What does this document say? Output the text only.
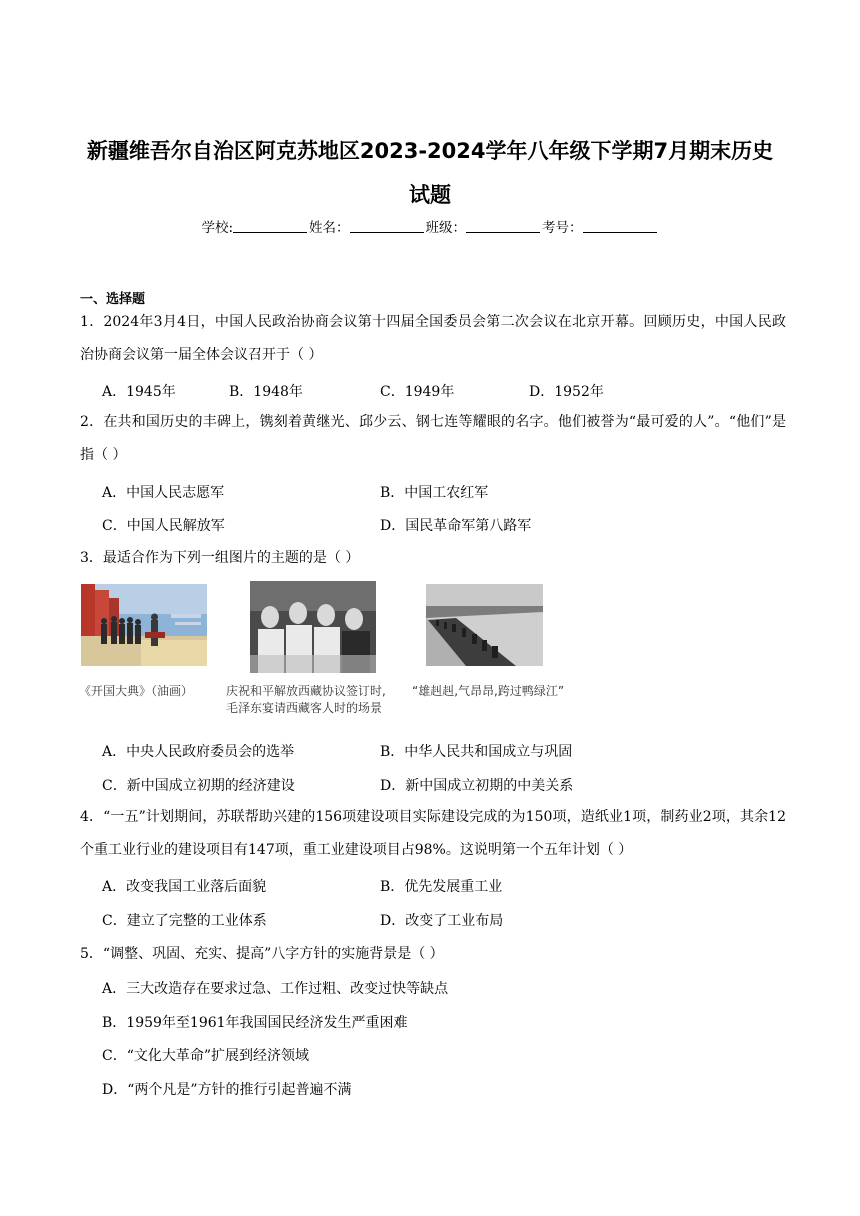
新疆维吾尔自治区阿克苏地区2023-2024学年八年级下学期7月期末历史
试题
学校:	姓名：	班级：	考号：
一、选择题
1．2024年3月4日，中国人民政治协商会议第十四届全国委员会第二次会议在北京开幕。回顾历史，中国人民政治协商会议第一届全体会议召开于（ ）
A．1945年	B．1948年	C．1949年	D．1952年
2．在共和国历史的丰碑上，镌刻着黄继光、邱少云、钢七连等耀眼的名字。他们被誉为“最可爱的人”。“他们”是指（ ）
A．中国人民志愿军	B．中国工农红军
C．中国人民解放军	D．国民革命军第八路军
3．最适合作为下列一组图片的主题的是（ ）
《开国大典》（油画）	庆祝和平解放西藏协议签订时,毛泽东宴请西藏客人时的场景
“雄赳赳,气昂昂,跨过鸭绿江”
A．中央人民政府委员会的选举	B．中华人民共和国成立与巩固
C．新中国成立初期的经济建设	D．新中国成立初期的中美关系
4．“一五”计划期间，苏联帮助兴建的156项建设项目实际建设完成的为150项，造纸业1项，制药业2项，其余12个重工业行业的建设项目有147项，重工业建设项目占98%。这说明第一个五年计划（ ）
A．改变我国工业落后面貌	B．优先发展重工业
C．建立了完整的工业体系	D．改变了工业布局
5．“调整、巩固、充实、提高”八字方针的实施背景是（ ）
A．三大改造存在要求过急、工作过粗、改变过快等缺点
B．1959年至1961年我国国民经济发生严重困难
C．“文化大革命”扩展到经济领域
D．“两个凡是”方针的推行引起普遍不满
